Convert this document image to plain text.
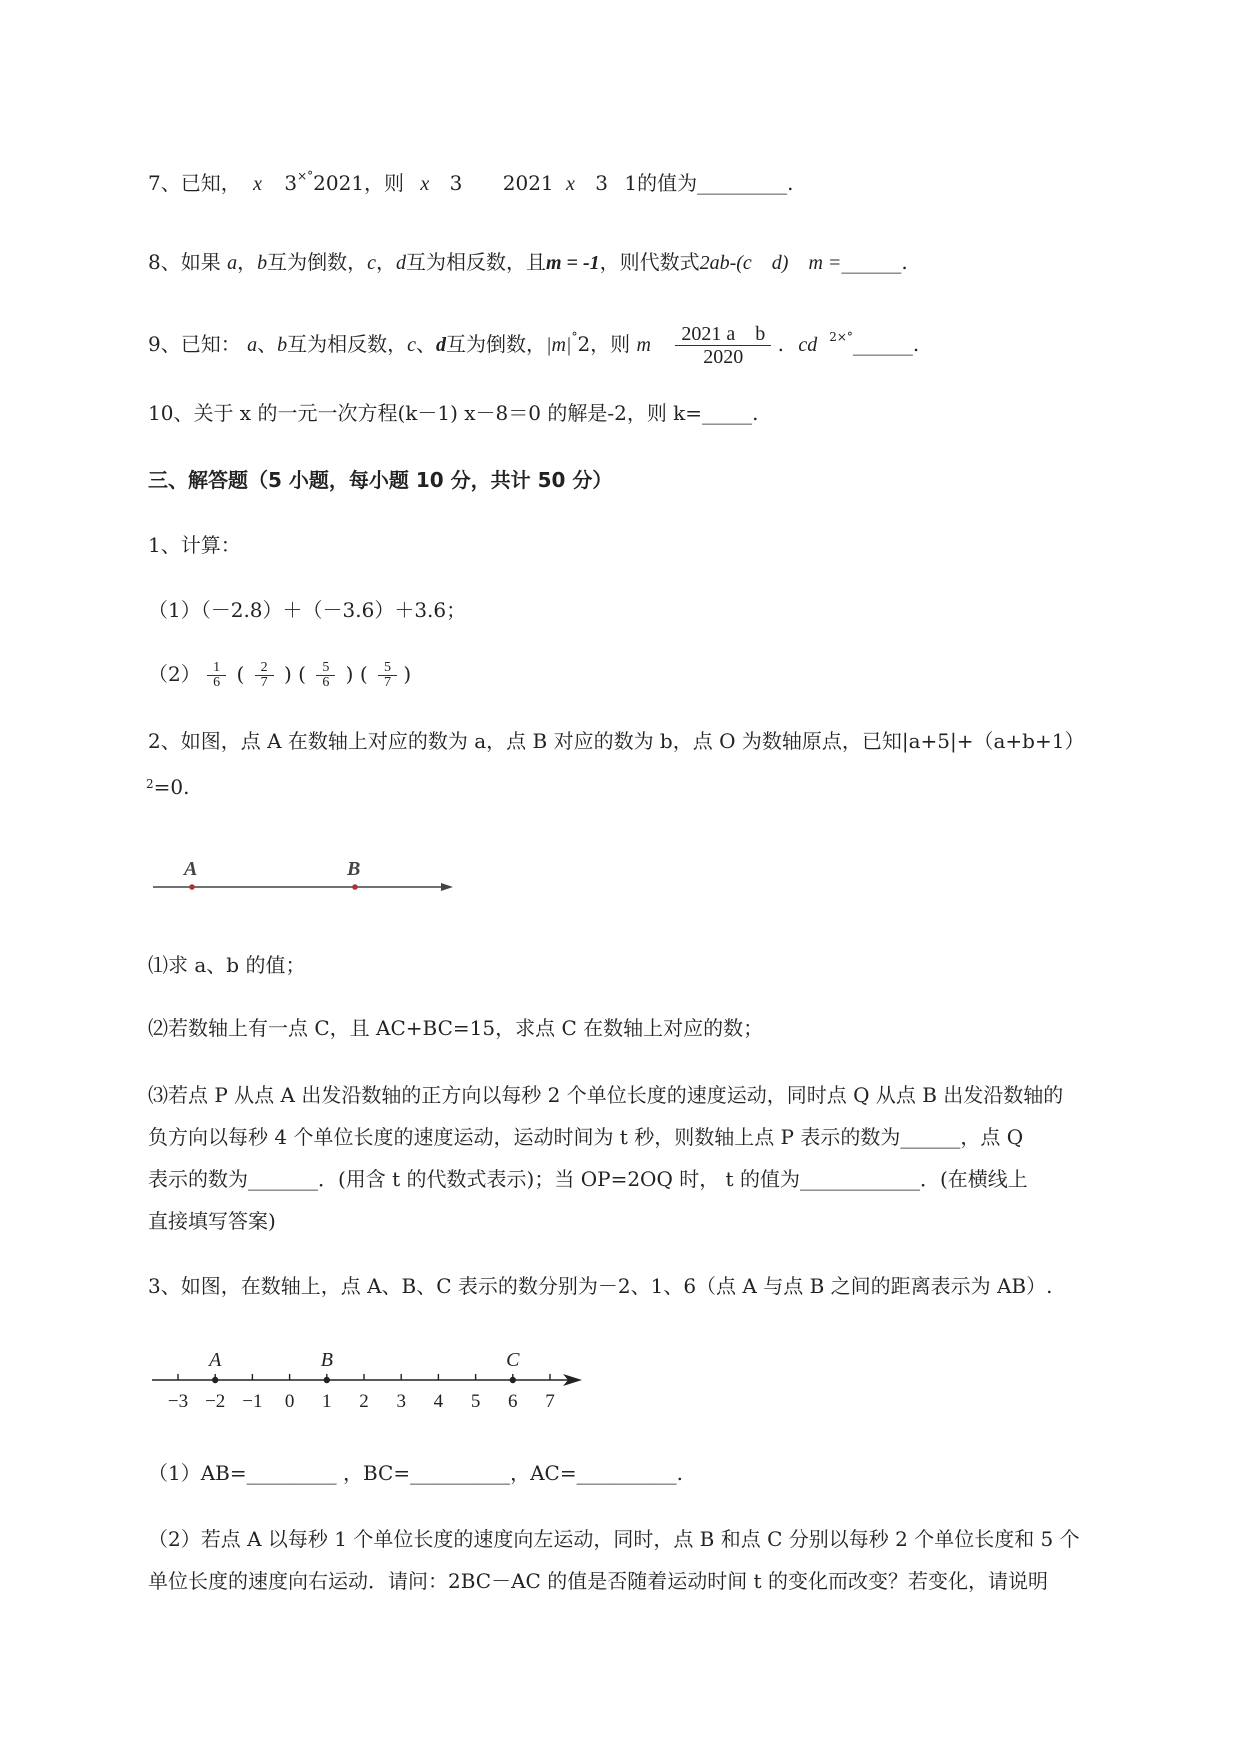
7、已知， x 3×°2021，则 x 3 2021 x 3 1的值为_________.
8、如果 a，b互为倒数，c，d互为相反数，且m = -1，则代数式2ab-(c　d)　m =______.
9、已知： a、b互为相反数，c、d互为倒数，|m|°2，则 m $\frac{\text{2021 a　b}}{2020}$ . cd $^{2\times^\circ}$______.
10、关于 x 的一元一次方程(k－1) x－8＝0 的解是-2，则 k=_____.
三、解答题（5 小题，每小题 10 分，共计 50 分）
1、计算：
（1）（－2.8）＋（－3.6）＋3.6；
$(2) \frac{1}{6}$ ( $\frac{2}{7}$ ) ( $\frac{5}{6}$ ) ( $\frac{5}{7}$ )
2、如图，点 A 在数轴上对应的数为 a，点 B 对应的数为 b，点 O 为数轴原点，已知|a+5|+（a+b+1）
$^2$=0.
A	B
⑴求 a、b 的值；
⑵若数轴上有一点 C，且 AC+BC=15，求点 C 在数轴上对应的数；
⑶若点 P 从点 A 出发沿数轴的正方向以每秒 2 个单位长度的速度运动，同时点 Q 从点 B 出发沿数轴的
负方向以每秒 4 个单位长度的速度运动，运动时间为 t 秒，则数轴上点 P 表示的数为______，点 Q
表示的数为_______．(用含 t 的代数式表示)；当 OP=2OQ 时， t 的值为____________．(在横线上
直接填写答案)
3、如图，在数轴上，点 A、B、C 表示的数分别为－2、1、6（点 A 与点 B 之间的距离表示为 AB）.
−3 −2 −1 0 1 2 3 4 5 6 7
A	B	C
（1）AB=_________ ，BC=__________，AC=__________.
（2）若点 A 以每秒 1 个单位长度的速度向左运动，同时，点 B 和点 C 分别以每秒 2 个单位长度和 5 个
单位长度的速度向右运动．请问：2BC－AC 的值是否随着运动时间 t 的变化而改变？若变化，请说明
